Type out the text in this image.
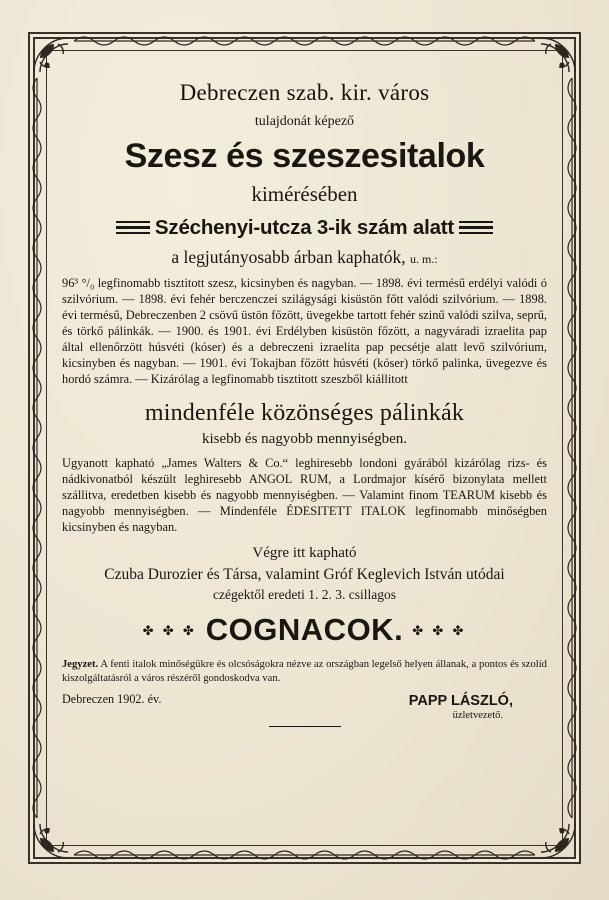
Debreczen szab. kir. város
tulajdonát képező
Szesz és szeszesitalok
kimérésében
Széchenyi-utcza 3-ik szám alatt
a legjutányosabb árban kaphatók, u. m.:
96³ °/₀ legfinomabb tisztitott szesz, kicsinyben és nagyban. — 1898. évi termésű erdélyi valódi ó szilvórium. — 1898. évi fehér berczenczei szilágysági kisüstön főtt valódi szilvórium. — 1898. évi termésű, Debreczenben 2 csövű üstön főzött, üvegekbe tartott fehér szinű valódi szilva, seprű, és törkő pálinkák. — 1900. és 1901. évi Erdélyben kisüstön főzött, a nagyváradi izraelita pap által ellenőrzött húsvéti (kóser) és a debreczeni izraelita pap pecsétje alatt levő szilvórium, kicsinyben és nagyban. — 1901. évi Tokajban főzött húsvéti (kóser) törkő palinka, üvegezve és hordó számra. — Kizárólag a legfinomabb tisztitott szeszből kiállitott
mindenféle közönséges pálinkák
kisebb és nagyobb mennyiségben.
Ugyanott kapható „James Walters & Co.“ leghiresebb londoni gyárából kizárólag rizs- és nádkivonatból készült leghiresebb ANGOL RUM, a Lordmajor kísérő bizonylata mellett szállitva, eredetben kisebb és nagyobb mennyiségben. — Valamint finom TEARUM kisebb és nagyobb mennyiségben. — Mindenféle ÉDESITETT ITALOK legfinomabb minőségben kicsinyben és nagyban.
Végre itt kapható
Czuba Durozier és Társa, valamint Gróf Keglevich István utódai
czégektől eredeti 1. 2. 3. csillagos
✤ ✤ ✤ COGNACOK. ✤ ✤ ✤
Jegyzet. A fenti italok minőségükre és olcsóságokra nézve az országban legelső helyen állanak, a pontos és szolíd kiszolgáltatásról a város részéről gondoskodva van.
Debreczen 1902. év.	PAPP LÁSZLÓ,
üzletvezető.
